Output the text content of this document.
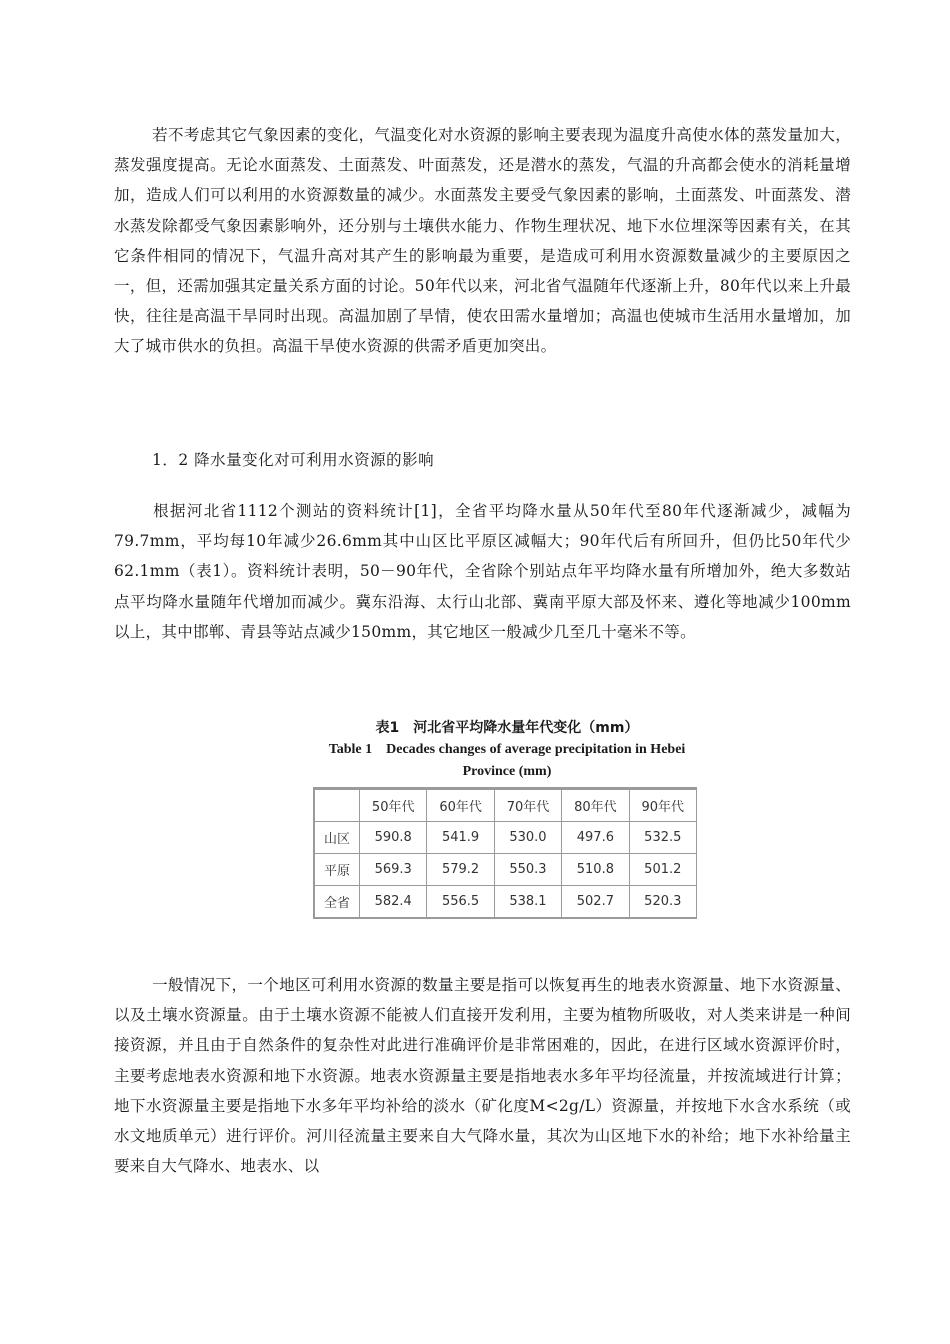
若不考虑其它气象因素的变化，气温变化对水资源的影响主要表现为温度升高使水体的蒸发量加大，蒸发强度提高。无论水面蒸发、土面蒸发、叶面蒸发，还是潜水的蒸发，气温的升高都会使水的消耗量增加，造成人们可以利用的水资源数量的减少。水面蒸发主要受气象因素的影响，土面蒸发、叶面蒸发、潜水蒸发除都受气象因素影响外，还分别与土壤供水能力、作物生理状况、地下水位埋深等因素有关，在其它条件相同的情况下，气温升高对其产生的影响最为重要，是造成可利用水资源数量减少的主要原因之一，但，还需加强其定量关系方面的讨论。50年代以来，河北省气温随年代逐渐上升，80年代以来上升最快，往往是高温干旱同时出现。高温加剧了旱情，使农田需水量增加；高温也使城市生活用水量增加，加大了城市供水的负担。高温干旱使水资源的供需矛盾更加突出。

1．2 降水量变化对可利用水资源的影响

根据河北省1112个测站的资料统计[1]，全省平均降水量从50年代至80年代逐渐减少，减幅为79.7mm，平均每10年减少26.6mm其中山区比平原区减幅大；90年代后有所回升，但仍比50年代少62.1mm（表1）。资料统计表明，50－90年代，全省除个别站点年平均降水量有所增加外，绝大多数站点平均降水量随年代增加而减少。冀东沿海、太行山北部、冀南平原大部及怀来、遵化等地减少100mm以上，其中邯郸、青县等站点减少150mm，其它地区一般减少几至几十毫米不等。

表1　河北省平均降水量年代变化（mm）

Table 1　Decades changes of average precipitation in Hebei

Province (mm)

	50年代	60年代	70年代	80年代	90年代
山区	590.8	541.9	530.0	497.6	532.5
平原	569.3	579.2	550.3	510.8	501.2
全省	582.4	556.5	538.1	502.7	520.3

一般情况下，一个地区可利用水资源的数量主要是指可以恢复再生的地表水资源量、地下水资源量、以及土壤水资源量。由于土壤水资源不能被人们直接开发利用，主要为植物所吸收，对人类来讲是一种间接资源，并且由于自然条件的复杂性对此进行准确评价是非常困难的，因此，在进行区域水资源评价时，主要考虑地表水资源和地下水资源。地表水资源量主要是指地表水多年平均径流量，并按流域进行计算；地下水资源量主要是指地下水多年平均补给的淡水（矿化度M<2g/L）资源量，并按地下水含水系统（或水文地质单元）进行评价。河川径流量主要来自大气降水量，其次为山区地下水的补给；地下水补给量主要来自大气降水、地表水、以
